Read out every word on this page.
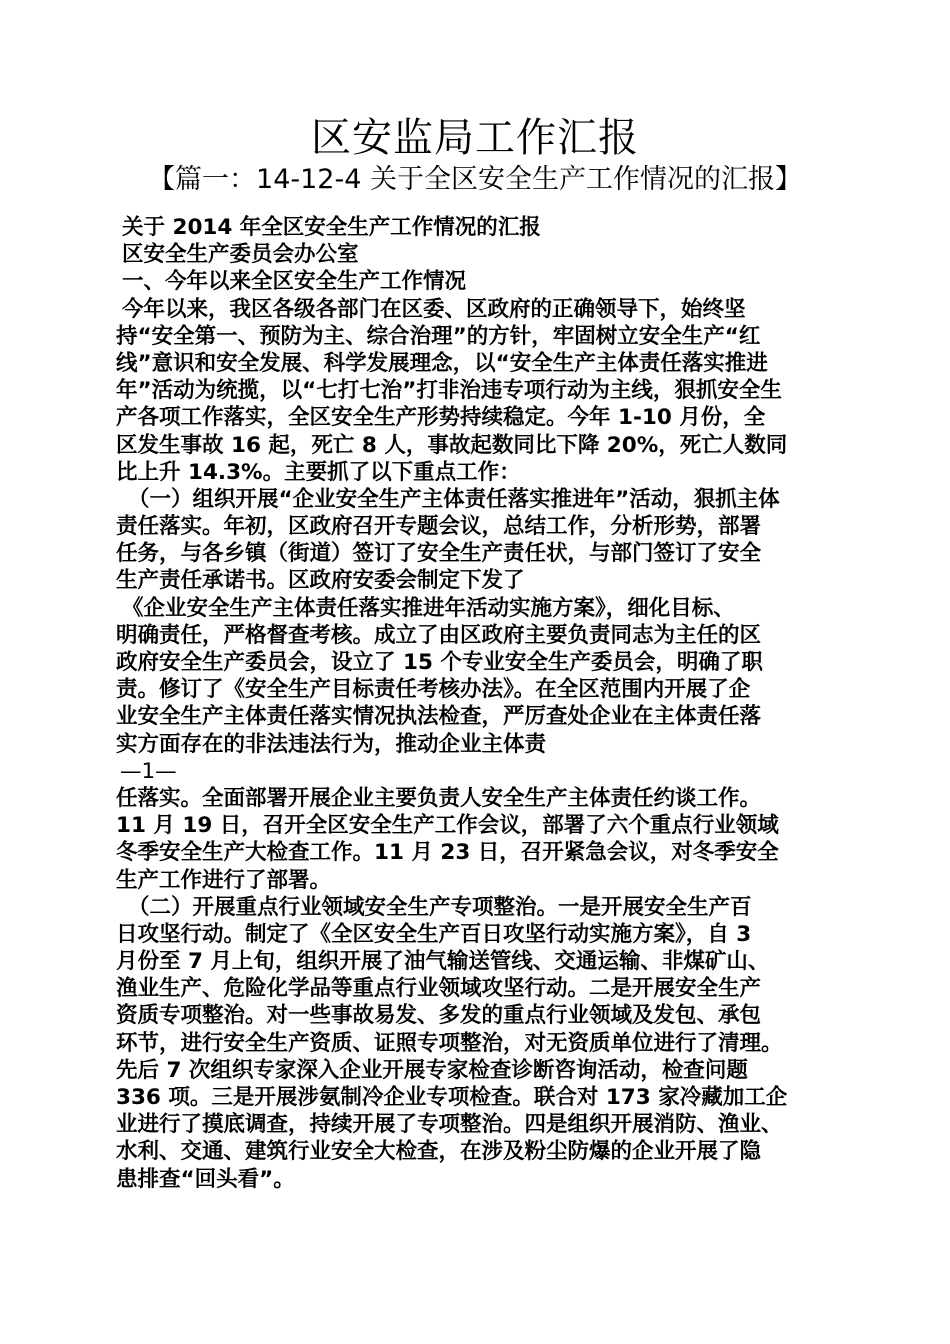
区安监局工作汇报
【篇一：14-12-4 关于全区安全生产工作情况的汇报】
关于 2014 年全区安全生产工作情况的汇报
区安全生产委员会办公室
一、今年以来全区安全生产工作情况
今年以来，我区各级各部门在区委、区政府的正确领导下，始终坚
持“安全第一、预防为主、综合治理”的方针，牢固树立安全生产“红
线”意识和安全发展、科学发展理念，以“安全生产主体责任落实推进
年”活动为统揽，以“七打七治”打非治违专项行动为主线，狠抓安全生
产各项工作落实，全区安全生产形势持续稳定。今年 1-10 月份，全
区发生事故 16 起，死亡 8 人，事故起数同比下降 20%，死亡人数同
比上升 14.3%。主要抓了以下重点工作：
（一）组织开展“企业安全生产主体责任落实推进年”活动，狠抓主体
责任落实。年初，区政府召开专题会议，总结工作，分析形势，部署
任务，与各乡镇（街道）签订了安全生产责任状，与部门签订了安全
生产责任承诺书。区政府安委会制定下发了
《企业安全生产主体责任落实推进年活动实施方案》，细化目标、
明确责任，严格督查考核。成立了由区政府主要负责同志为主任的区
政府安全生产委员会，设立了 15 个专业安全生产委员会，明确了职
责。修订了《安全生产目标责任考核办法》。在全区范围内开展了企
业安全生产主体责任落实情况执法检查，严厉查处企业在主体责任落
实方面存在的非法违法行为，推动企业主体责
—1—
任落实。全面部署开展企业主要负责人安全生产主体责任约谈工作。
11 月 19 日，召开全区安全生产工作会议，部署了六个重点行业领域
冬季安全生产大检查工作。11 月 23 日，召开紧急会议，对冬季安全
生产工作进行了部署。
（二）开展重点行业领域安全生产专项整治。一是开展安全生产百
日攻坚行动。制定了《全区安全生产百日攻坚行动实施方案》，自 3
月份至 7 月上旬，组织开展了油气输送管线、交通运输、非煤矿山、
渔业生产、危险化学品等重点行业领域攻坚行动。二是开展安全生产
资质专项整治。对一些事故易发、多发的重点行业领域及发包、承包
环节，进行安全生产资质、证照专项整治，对无资质单位进行了清理。
先后 7 次组织专家深入企业开展专家检查诊断咨询活动，检查问题
336 项。三是开展涉氨制冷企业专项检查。联合对 173 家冷藏加工企
业进行了摸底调查，持续开展了专项整治。四是组织开展消防、渔业、
水利、交通、建筑行业安全大检查，在涉及粉尘防爆的企业开展了隐
患排查“回头看”。
